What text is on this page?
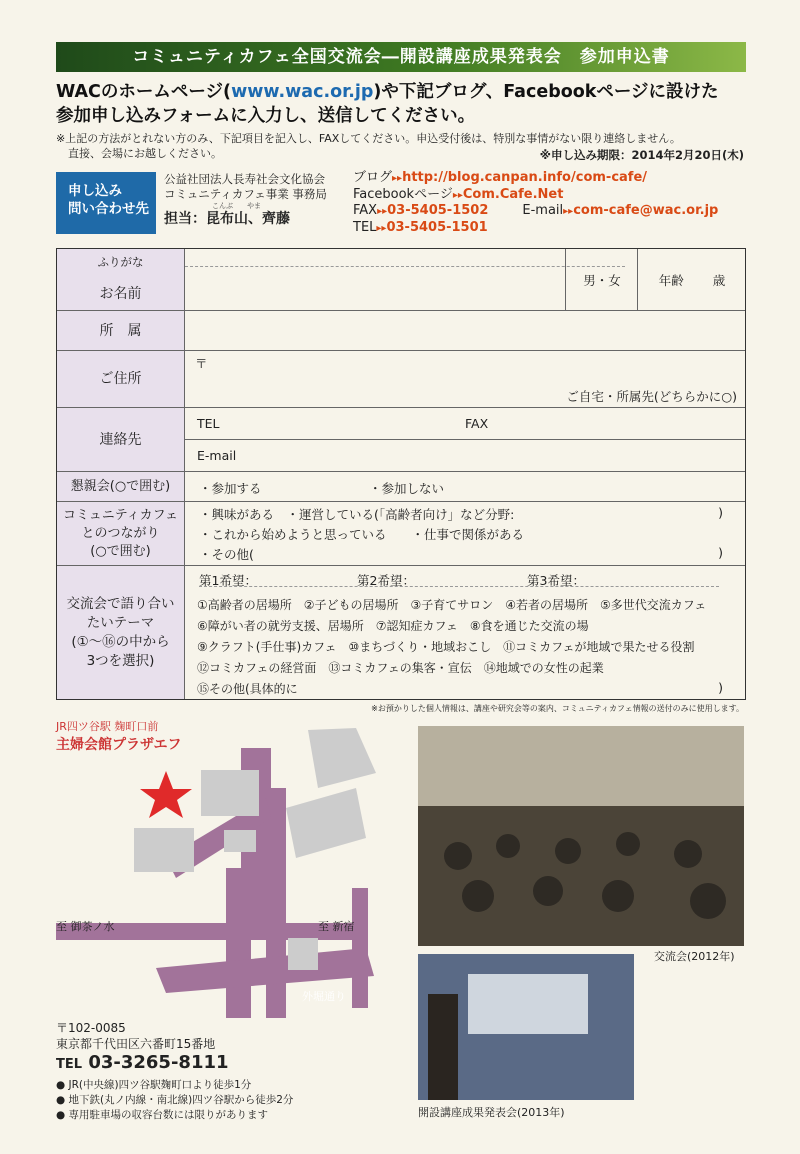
コミュニティカフェ全国交流会―開設講座成果発表会　参加申込書
WACのホームページ(www.wac.or.jp)や下記ブログ、Facebookページに設けた
参加申し込みフォームに入力し、送信してください。
※上記の方法がとれない方のみ、下記項目を記入し、FAXしてください。申込受付後は、特別な事情がない限り連絡しません。
直接、会場にお越しください。	※申し込み期限：2014年2月20日(木)
申し込み
問い合わせ先
公益社団法人長寿社会文化協会
コミュニティカフェ事業 事務局
こんぶ　　やま
担当：昆布山、齊藤
ブログ▸▸http://blog.canpan.info/com-cafe/
Facebookページ▸▸Com.Cafe.Net
FAX▸▸03-5405-1502	E-mail▸▸com-cafe@wac.or.jp
TEL▸▸03-5405-1501
ふりがな
お名前
男・女	年齢　　 歳
所　属
ご住所
〒
ご自宅・所属先(どちらかに○)
連絡先
TEL	FAX
E-mail
懇親会(○で囲む)	・参加する	・参加しない
コミュニティカフェ
とのつながり
(○で囲む)
・興味がある　・運営している(「高齢者向け」など分野:	)
・これから始めようと思っている　　・仕事で関係がある
・その他(	)
交流会で語り合い
たいテーマ
(①～⑯の中から
3つを選択)
第1希望：	第2希望：	第3希望：
①高齢者の居場所　②子どもの居場所　③子育てサロン　④若者の居場所　⑤多世代交流カフェ
⑥障がい者の就労支援、居場所　⑦認知症カフェ　⑧食を通じた交流の場
⑨クラフト(手仕事)カフェ　⑩まちづくり・地域おこし　⑪コミカフェが地域で果たせる役割
⑫コミカフェの経営面　⑬コミカフェの集客・宣伝　⑭地域での女性の起業
⑮その他(具体的に	)
※お預かりした個人情報は、講座や研究会等の案内、コミュニティカフェ情報の送付のみに使用します。
JR四ツ谷駅 麹町口前
主婦会館プラザエフ
至 御茶ノ水	至 新宿
外堀通り
交流会(2012年)
開設講座成果発表会(2013年)
〒102-0085
東京都千代田区六番町15番地
TEL 03-3265-8111
● JR(中央線)四ツ谷駅麹町口より徒歩1分
● 地下鉄(丸ノ内線・南北線)四ツ谷駅から徒歩2分
● 専用駐車場の収容台数には限りがあります
